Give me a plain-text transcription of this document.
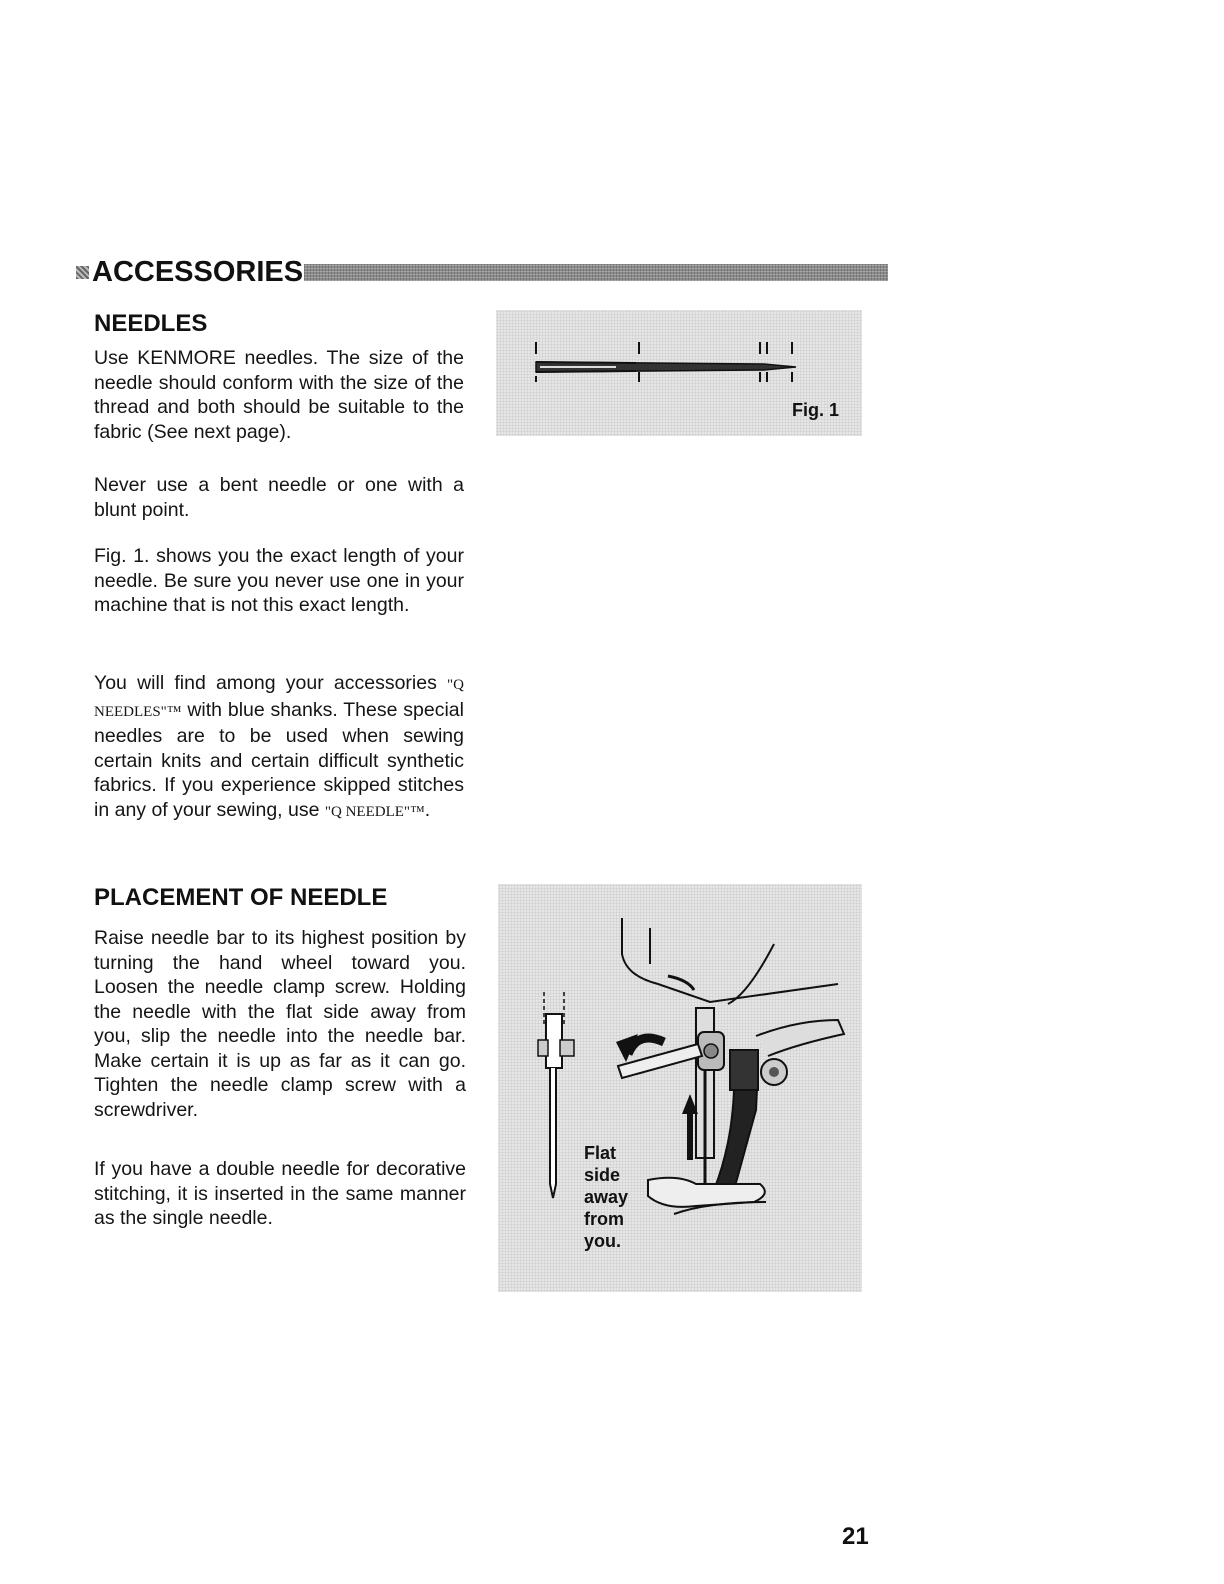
ACCESSORIES
NEEDLES

Use KENMORE needles. The size of the needle should conform with the size of the thread and both should be suitable to the fabric (See next page).

Never use a bent needle or one with a blunt point.

Fig. 1. shows you the exact length of your needle. Be sure you never use one in your machine that is not this exact length.

You will find among your accessories "Q NEEDLES"™ with blue shanks. These special needles are to be used when sewing certain knits and certain difficult synthetic fabrics. If you experience skipped stitches in any of your sewing, use "Q NEEDLE"™.

Fig. 1
PLACEMENT OF NEEDLE

Raise needle bar to its highest position by turning the hand wheel toward you. Loosen the needle clamp screw. Holding the needle with the flat side away from you, slip the needle into the needle bar. Make certain it is up as far as it can go. Tighten the needle clamp screw with a screwdriver.

If you have a double needle for decorative stitching, it is inserted in the same manner as the single needle.

Flat
side
away
from
you.
21
